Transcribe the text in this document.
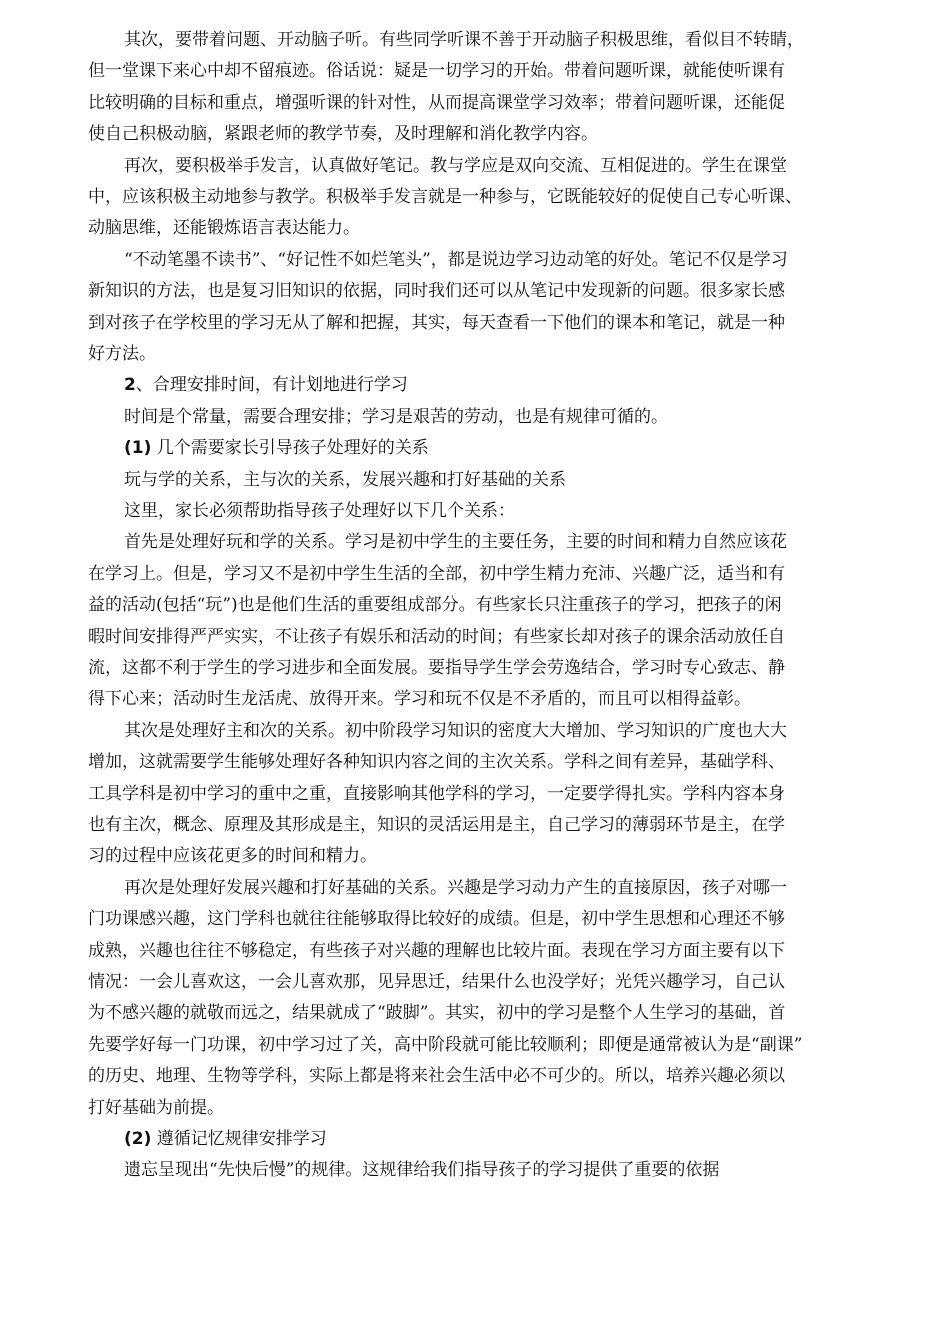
其次，要带着问题、开动脑子听。有些同学听课不善于开动脑子积极思维，看似目不转睛，
但一堂课下来心中却不留痕迹。俗话说：疑是一切学习的开始。带着问题听课，就能使听课有
比较明确的目标和重点，增强听课的针对性，从而提高课堂学习效率；带着问题听课，还能促
使自己积极动脑，紧跟老师的教学节奏，及时理解和消化教学内容。
再次，要积极举手发言，认真做好笔记。教与学应是双向交流、互相促进的。学生在课堂
中，应该积极主动地参与教学。积极举手发言就是一种参与，它既能较好的促使自己专心听课、
动脑思维，还能锻炼语言表达能力。
“不动笔墨不读书”、“好记性不如烂笔头”，都是说边学习边动笔的好处。笔记不仅是学习
新知识的方法，也是复习旧知识的依据，同时我们还可以从笔记中发现新的问题。很多家长感
到对孩子在学校里的学习无从了解和把握，其实，每天查看一下他们的课本和笔记，就是一种
好方法。
2、合理安排时间，有计划地进行学习
时间是个常量，需要合理安排；学习是艰苦的劳动，也是有规律可循的。
(1) 几个需要家长引导孩子处理好的关系
玩与学的关系，主与次的关系，发展兴趣和打好基础的关系
这里，家长必须帮助指导孩子处理好以下几个关系：
首先是处理好玩和学的关系。学习是初中学生的主要任务，主要的时间和精力自然应该花
在学习上。但是，学习又不是初中学生生活的全部，初中学生精力充沛、兴趣广泛，适当和有
益的活动(包括“玩”)也是他们生活的重要组成部分。有些家长只注重孩子的学习，把孩子的闲
暇时间安排得严严实实，不让孩子有娱乐和活动的时间；有些家长却对孩子的课余活动放任自
流，这都不利于学生的学习进步和全面发展。要指导学生学会劳逸结合，学习时专心致志、静
得下心来；活动时生龙活虎、放得开来。学习和玩不仅是不矛盾的，而且可以相得益彰。
其次是处理好主和次的关系。初中阶段学习知识的密度大大增加、学习知识的广度也大大
增加，这就需要学生能够处理好各种知识内容之间的主次关系。学科之间有差异，基础学科、
工具学科是初中学习的重中之重，直接影响其他学科的学习，一定要学得扎实。学科内容本身
也有主次，概念、原理及其形成是主，知识的灵活运用是主，自己学习的薄弱环节是主，在学
习的过程中应该花更多的时间和精力。
再次是处理好发展兴趣和打好基础的关系。兴趣是学习动力产生的直接原因，孩子对哪一
门功课感兴趣，这门学科也就往往能够取得比较好的成绩。但是，初中学生思想和心理还不够
成熟，兴趣也往往不够稳定，有些孩子对兴趣的理解也比较片面。表现在学习方面主要有以下
情况：一会儿喜欢这，一会儿喜欢那，见异思迁，结果什么也没学好；光凭兴趣学习，自己认
为不感兴趣的就敬而远之，结果就成了“跛脚”。其实，初中的学习是整个人生学习的基础，首
先要学好每一门功课，初中学习过了关，高中阶段就可能比较顺利；即便是通常被认为是“副课”
的历史、地理、生物等学科，实际上都是将来社会生活中必不可少的。所以，培养兴趣必须以
打好基础为前提。
(2) 遵循记忆规律安排学习
遗忘呈现出“先快后慢”的规律。这规律给我们指导孩子的学习提供了重要的依据
